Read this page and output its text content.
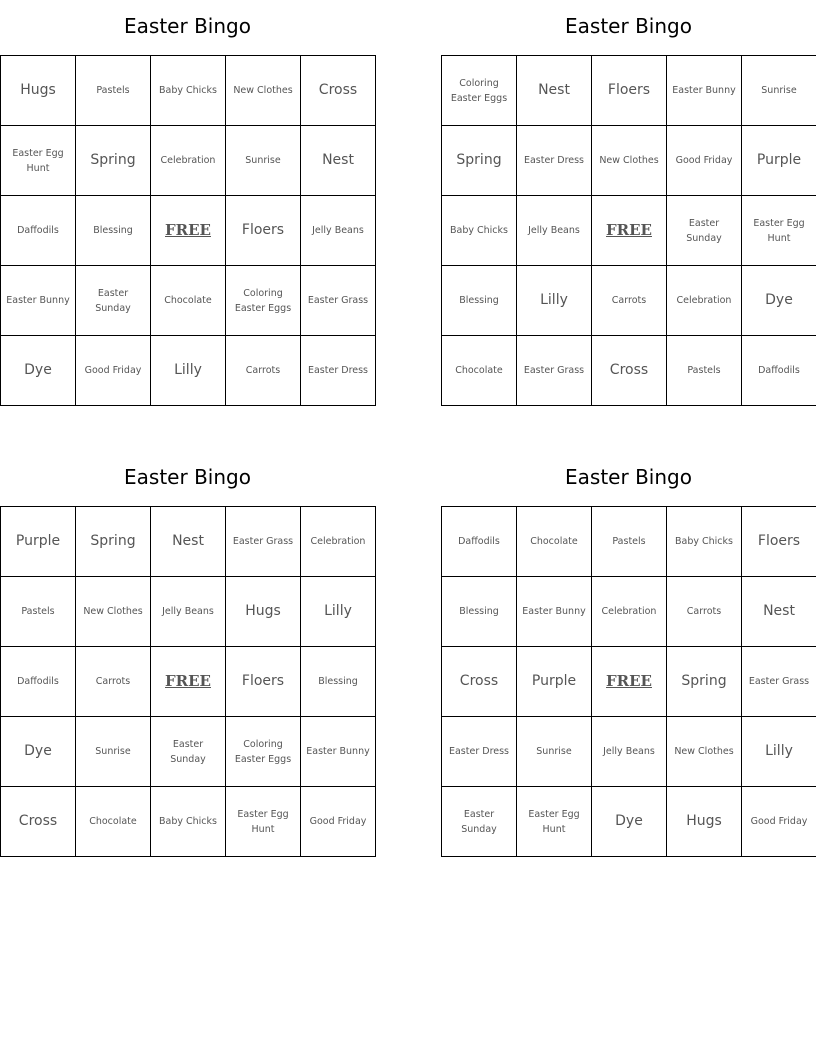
Easter Bingo
Hugs	Pastels	Baby Chicks	New Clothes	Cross
Easter Egg Hunt	Spring	Celebration	Sunrise	Nest
Daffodils	Blessing	FREE	Floers	Jelly Beans
Easter Bunny	Easter Sunday	Chocolate	Coloring Easter Eggs	Easter Grass
Dye	Good Friday	Lilly	Carrots	Easter Dress
Easter Bingo
Coloring Easter Eggs	Nest	Floers	Easter Bunny	Sunrise
Spring	Easter Dress	New Clothes	Good Friday	Purple
Baby Chicks	Jelly Beans	FREE	Easter Sunday	Easter Egg Hunt
Blessing	Lilly	Carrots	Celebration	Dye
Chocolate	Easter Grass	Cross	Pastels	Daffodils
Easter Bingo
Purple	Spring	Nest	Easter Grass	Celebration
Pastels	New Clothes	Jelly Beans	Hugs	Lilly
Daffodils	Carrots	FREE	Floers	Blessing
Dye	Sunrise	Easter Sunday	Coloring Easter Eggs	Easter Bunny
Cross	Chocolate	Baby Chicks	Easter Egg Hunt	Good Friday
Easter Bingo
Daffodils	Chocolate	Pastels	Baby Chicks	Floers
Blessing	Easter Bunny	Celebration	Carrots	Nest
Cross	Purple	FREE	Spring	Easter Grass
Easter Dress	Sunrise	Jelly Beans	New Clothes	Lilly
Easter Sunday	Easter Egg Hunt	Dye	Hugs	Good Friday
